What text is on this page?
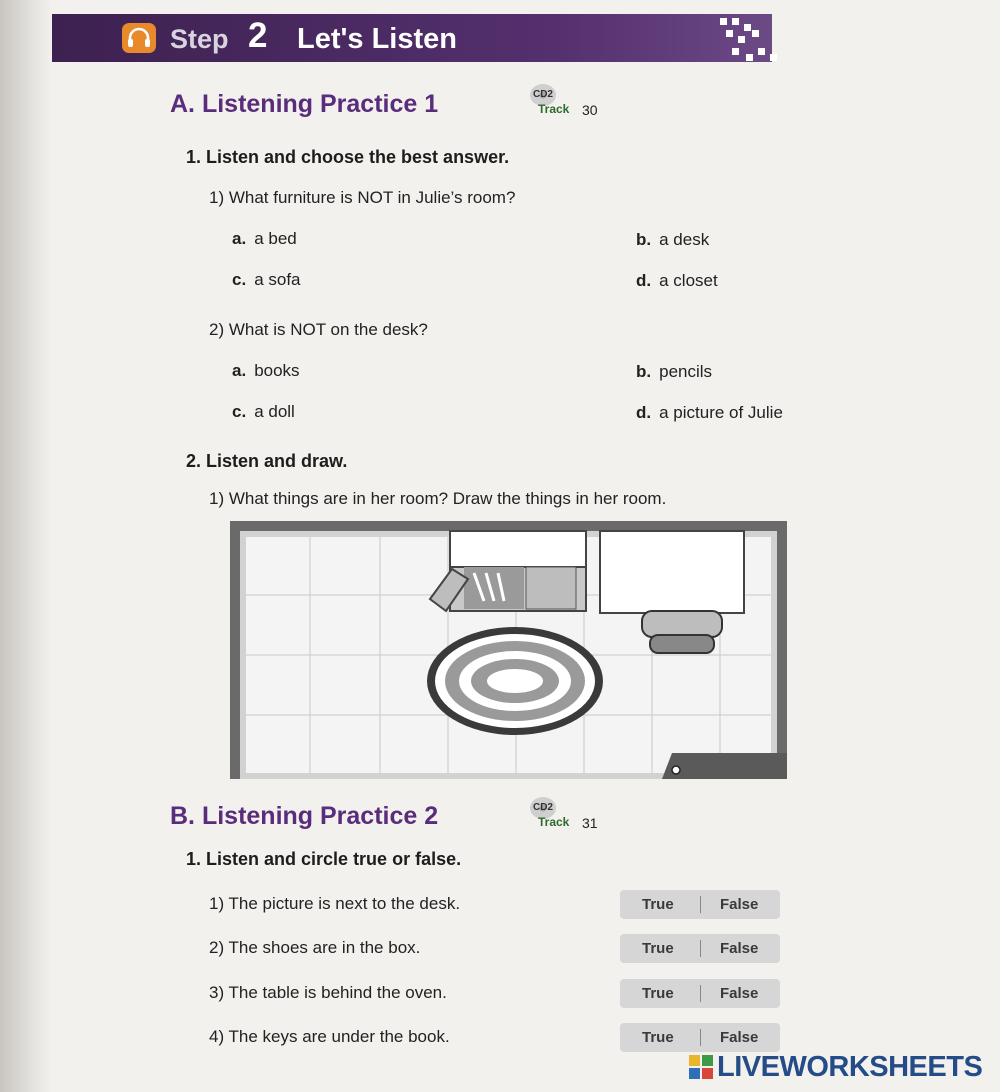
Step 2 Let's Listen
A. Listening Practice 1	CD2
Track 30
1. Listen and choose the best answer.
1) What furniture is NOT in Julie’s room?
a. a bed	b. a desk
c. a sofa	d. a closet
2) What is NOT on the desk?
a. books	b. pencils
c. a doll	d. a picture of Julie
2. Listen and draw.
1) What things are in her room? Draw the things in her room.
B. Listening Practice 2	CD2
Track 31
1. Listen and circle true or false.
1) The picture is next to the desk.	True	False
2) The shoes are in the box.	True	False
3) The table is behind the oven.	True	False
4) The keys are under the book.	True	False
LIVEWORKSHEETS
